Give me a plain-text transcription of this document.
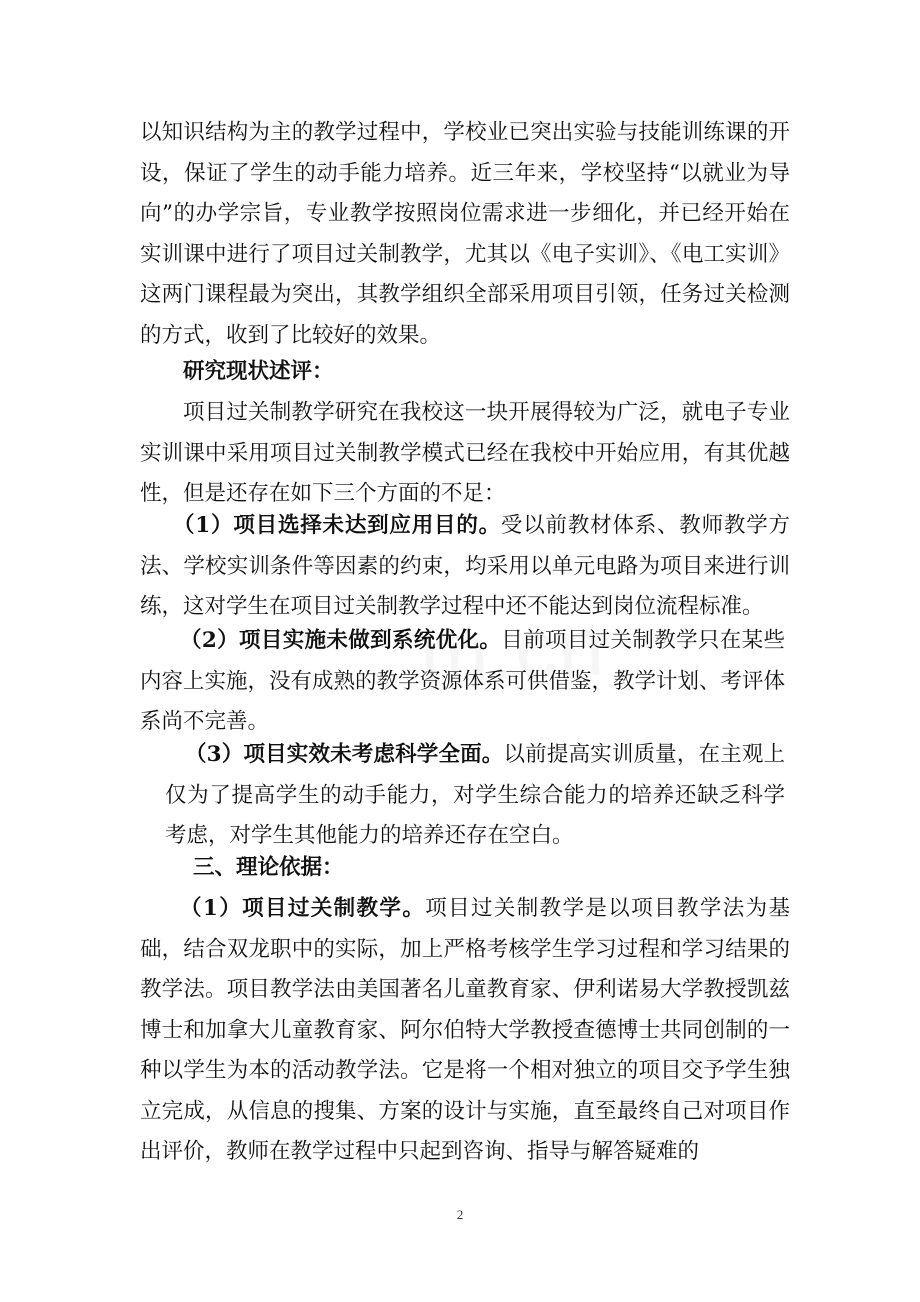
以知识结构为主的教学过程中，学校业已突出实验与技能训练课的开设，保证了学生的动手能力培养。近三年来，学校坚持“以就业为导向”的办学宗旨，专业教学按照岗位需求进一步细化，并已经开始在实训课中进行了项目过关制教学，尤其以《电子实训》、《电工实训》这两门课程最为突出，其教学组织全部采用项目引领，任务过关检测的方式，收到了比较好的效果。
研究现状述评：
项目过关制教学研究在我校这一块开展得较为广泛，就电子专业实训课中采用项目过关制教学模式已经在我校中开始应用，有其优越性，但是还存在如下三个方面的不足：
（1）项目选择未达到应用目的。受以前教材体系、教师教学方法、学校实训条件等因素的约束，均采用以单元电路为项目来进行训练，这对学生在项目过关制教学过程中还不能达到岗位流程标准。
（2）项目实施未做到系统优化。目前项目过关制教学只在某些内容上实施，没有成熟的教学资源体系可供借鉴，教学计划、考评体系尚不完善。
（3）项目实效未考虑科学全面。以前提高实训质量，在主观上仅为了提高学生的动手能力，对学生综合能力的培养还缺乏科学考虑，对学生其他能力的培养还存在空白。
三、理论依据：
（1）项目过关制教学。项目过关制教学是以项目教学法为基础，结合双龙职中的实际，加上严格考核学生学习过程和学习结果的教学法。项目教学法由美国著名儿童教育家、伊利诺易大学教授凯兹博士和加拿大儿童教育家、阿尔伯特大学教授查德博士共同创制的一种以学生为本的活动教学法。它是将一个相对独立的项目交予学生独立完成，从信息的搜集、方案的设计与实施，直至最终自己对项目作出评价，教师在教学过程中只起到咨询、指导与解答疑难的
2
